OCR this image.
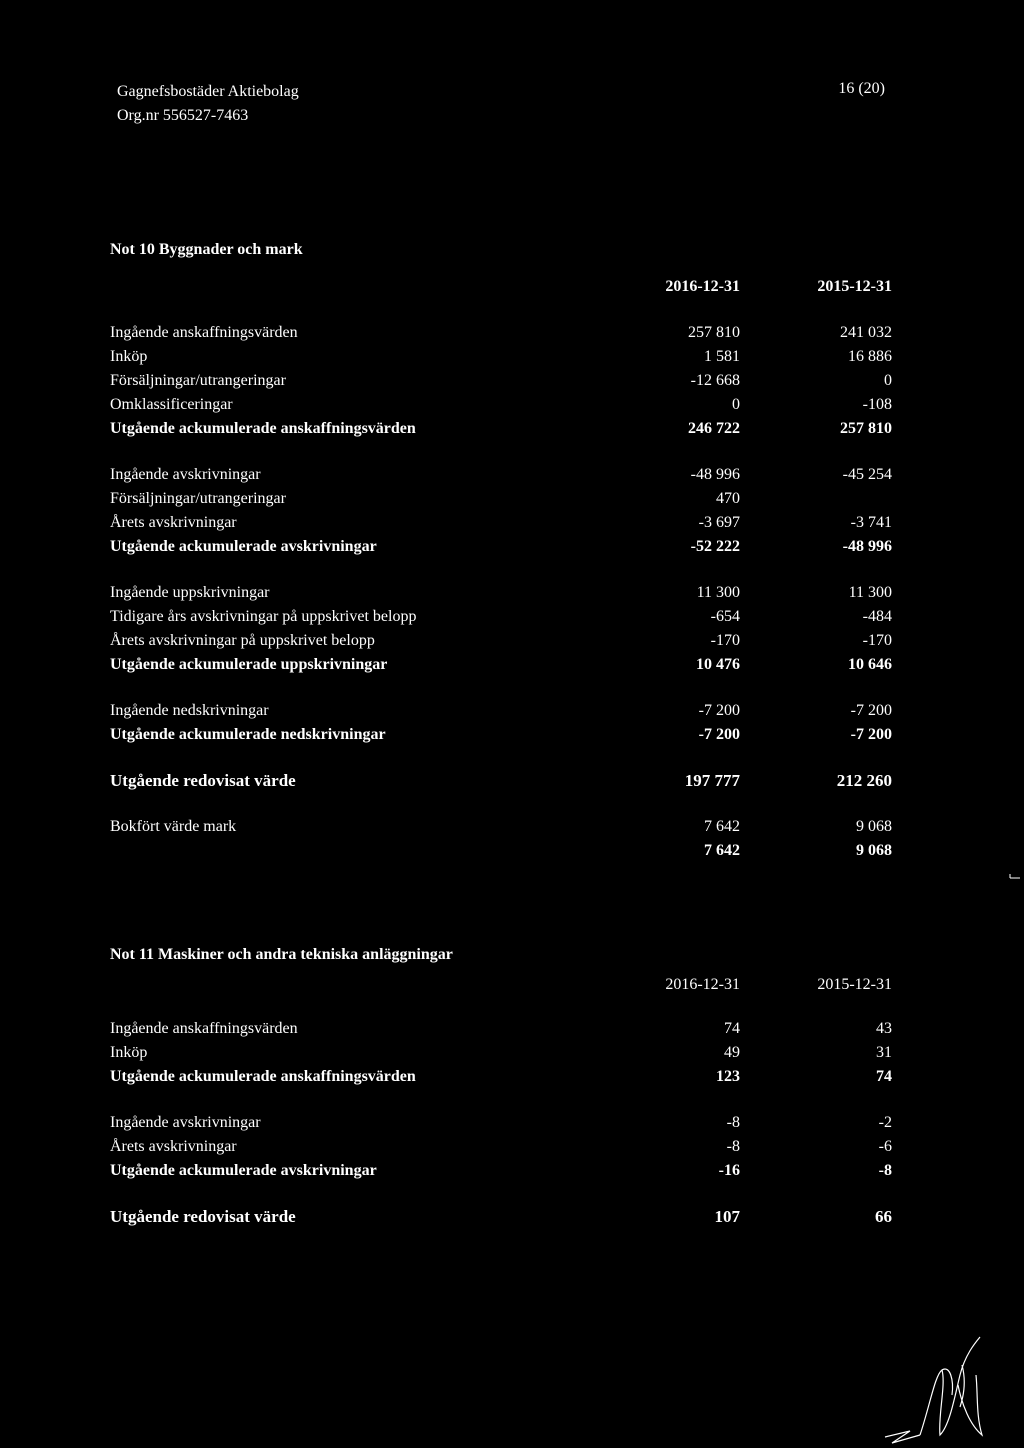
Gagnefsbostäder Aktiebolag
Org.nr 556527-7463
16 (20)
Not 10 Byggnader och mark
2016-12-31	2015-12-31
Ingående anskaffningsvärden	257 810	241 032
Inköp	1 581	16 886
Försäljningar/utrangeringar	-12 668	0
Omklassificeringar	0	-108
Utgående ackumulerade anskaffningsvärden	246 722	257 810
Ingående avskrivningar	-48 996	-45 254
Försäljningar/utrangeringar	470
Årets avskrivningar	-3 697	-3 741
Utgående ackumulerade avskrivningar	-52 222	-48 996
Ingående uppskrivningar	11 300	11 300
Tidigare års avskrivningar på uppskrivet belopp	-654	-484
Årets avskrivningar på uppskrivet belopp	-170	-170
Utgående ackumulerade uppskrivningar	10 476	10 646
Ingående nedskrivningar	-7 200	-7 200
Utgående ackumulerade nedskrivningar	-7 200	-7 200
Utgående redovisat värde	197 777	212 260
Bokfört värde mark	7 642	9 068
7 642	9 068
Not 11 Maskiner och andra tekniska anläggningar
2016-12-31	2015-12-31
Ingående anskaffningsvärden	74	43
Inköp	49	31
Utgående ackumulerade anskaffningsvärden	123	74
Ingående avskrivningar	-8	-2
Årets avskrivningar	-8	-6
Utgående ackumulerade avskrivningar	-16	-8
Utgående redovisat värde	107	66
